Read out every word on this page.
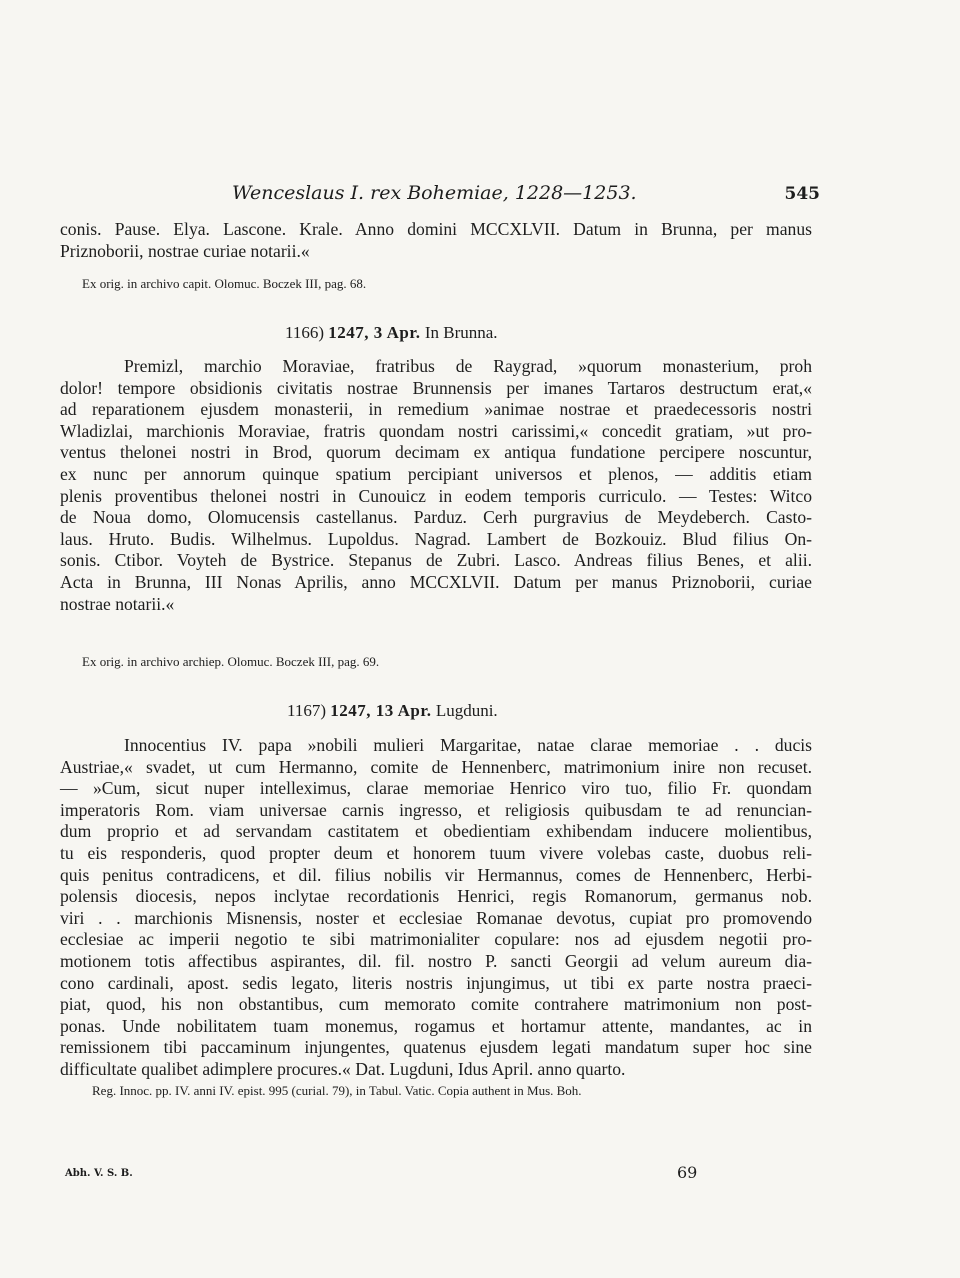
Wenceslaus I. rex Bohemiae, 1228—1253.	545
conis. Pause. Elya. Lascone. Krale. Anno domini MCCXLVII. Datum in Brunna, per manus
Priznoborii, nostrae curiae notarii.«
Ex orig. in archivo capit. Olomuc. Boczek III, pag. 68.
1166) 1247, 3 Apr. In Brunna.
Premizl, marchio Moraviae, fratribus de Raygrad, »quorum monasterium, proh
dolor! tempore obsidionis civitatis nostrae Brunnensis per imanes Tartaros destructum erat,«
ad reparationem ejusdem monasterii, in remedium »animae nostrae et praedecessoris nostri
Wladizlai, marchionis Moraviae, fratris quondam nostri carissimi,« concedit gratiam, »ut pro-
ventus thelonei nostri in Brod, quorum decimam ex antiqua fundatione percipere noscuntur,
ex nunc per annorum quinque spatium percipiant universos et plenos, — additis etiam
plenis proventibus thelonei nostri in Cunouicz in eodem temporis curriculo. — Testes: Witco
de Noua domo, Olomucensis castellanus. Parduz. Cerh purgravius de Meydeberch. Casto-
laus. Hruto. Budis. Wilhelmus. Lupoldus. Nagrad. Lambert de Bozkouiz. Blud filius On-
sonis. Ctibor. Voyteh de Bystrice. Stepanus de Zubri. Lasco. Andreas filius Benes, et alii.
Acta in Brunna, III Nonas Aprilis, anno MCCXLVII. Datum per manus Priznoborii, curiae
nostrae notarii.«
Ex orig. in archivo archiep. Olomuc. Boczek III, pag. 69.
1167) 1247, 13 Apr. Lugduni.
Innocentius IV. papa »nobili mulieri Margaritae, natae clarae memoriae . . ducis
Austriae,« svadet, ut cum Hermanno, comite de Hennenberc, matrimonium inire non recuset.
— »Cum, sicut nuper intelleximus, clarae memoriae Henrico viro tuo, filio Fr. quondam
imperatoris Rom. viam universae carnis ingresso, et religiosis quibusdam te ad renuncian-
dum proprio et ad servandam castitatem et obedientiam exhibendam inducere molientibus,
tu eis responderis, quod propter deum et honorem tuum vivere volebas caste, duobus reli-
quis penitus contradicens, et dil. filius nobilis vir Hermannus, comes de Hennenberc, Herbi-
polensis diocesis, nepos inclytae recordationis Henrici, regis Romanorum, germanus nob.
viri . . marchionis Misnensis, noster et ecclesiae Romanae devotus, cupiat pro promovendo
ecclesiae ac imperii negotio te sibi matrimonialiter copulare: nos ad ejusdem negotii pro-
motionem totis affectibus aspirantes, dil. fil. nostro P. sancti Georgii ad velum aureum dia-
cono cardinali, apost. sedis legato, literis nostris injungimus, ut tibi ex parte nostra praeci-
piat, quod, his non obstantibus, cum memorato comite contrahere matrimonium non post-
ponas. Unde nobilitatem tuam monemus, rogamus et hortamur attente, mandantes, ac in
remissionem tibi paccaminum injungentes, quatenus ejusdem legati mandatum super hoc sine
difficultate qualibet adimplere procures.« Dat. Lugduni, Idus April. anno quarto.
Reg. Innoc. pp. IV. anni IV. epist. 995 (curial. 79), in Tabul. Vatic. Copia authent in Mus. Boh.
Abh. V. S. B.	69
